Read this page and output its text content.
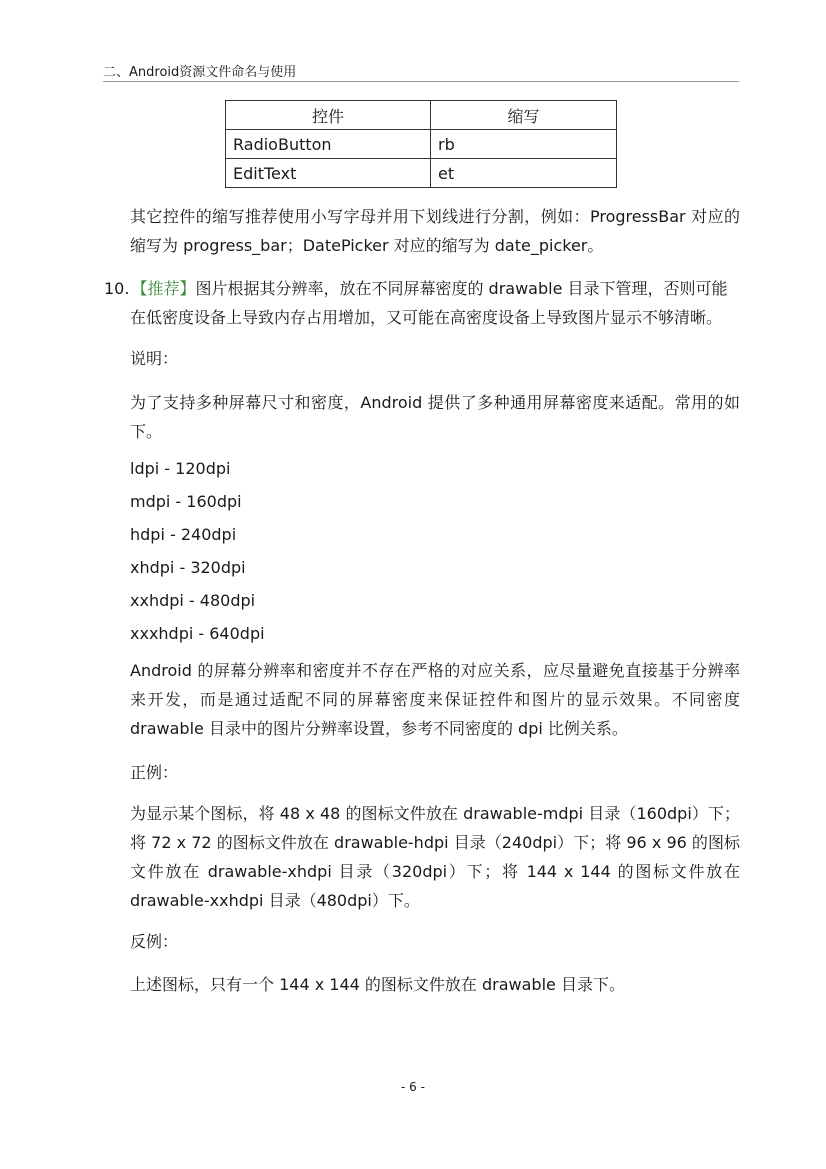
二、Android资源文件命名与使用
控件	缩写
RadioButton	rb
EditText	et
其它控件的缩写推荐使用小写字母并用下划线进行分割，例如：ProgressBar 对应的缩写为 progress_bar；DatePicker 对应的缩写为 date_picker。
10. 【推荐】图片根据其分辨率，放在不同屏幕密度的 drawable 目录下管理，否则可能
在低密度设备上导致内存占用增加，又可能在高密度设备上导致图片显示不够清晰。
说明：
为了支持多种屏幕尺寸和密度，Android 提供了多种通用屏幕密度来适配。常用的如下。
ldpi - 120dpi
mdpi - 160dpi
hdpi - 240dpi
xhdpi - 320dpi
xxhdpi - 480dpi
xxxhdpi - 640dpi
Android 的屏幕分辨率和密度并不存在严格的对应关系，应尽量避免直接基于分辨率来开发，而是通过适配不同的屏幕密度来保证控件和图片的显示效果。不同密度 drawable 目录中的图片分辨率设置，参考不同密度的 dpi 比例关系。
正例：
为显示某个图标，将 48 x 48 的图标文件放在 drawable-mdpi 目录（160dpi）下；将 72 x 72 的图标文件放在 drawable-hdpi 目录（240dpi）下；将 96 x 96 的图标文件放在 drawable-xhdpi 目录（320dpi）下；将 144 x 144 的图标文件放在 drawable-xxhdpi 目录（480dpi）下。
反例：
上述图标，只有一个 144 x 144 的图标文件放在 drawable 目录下。
- 6 -
